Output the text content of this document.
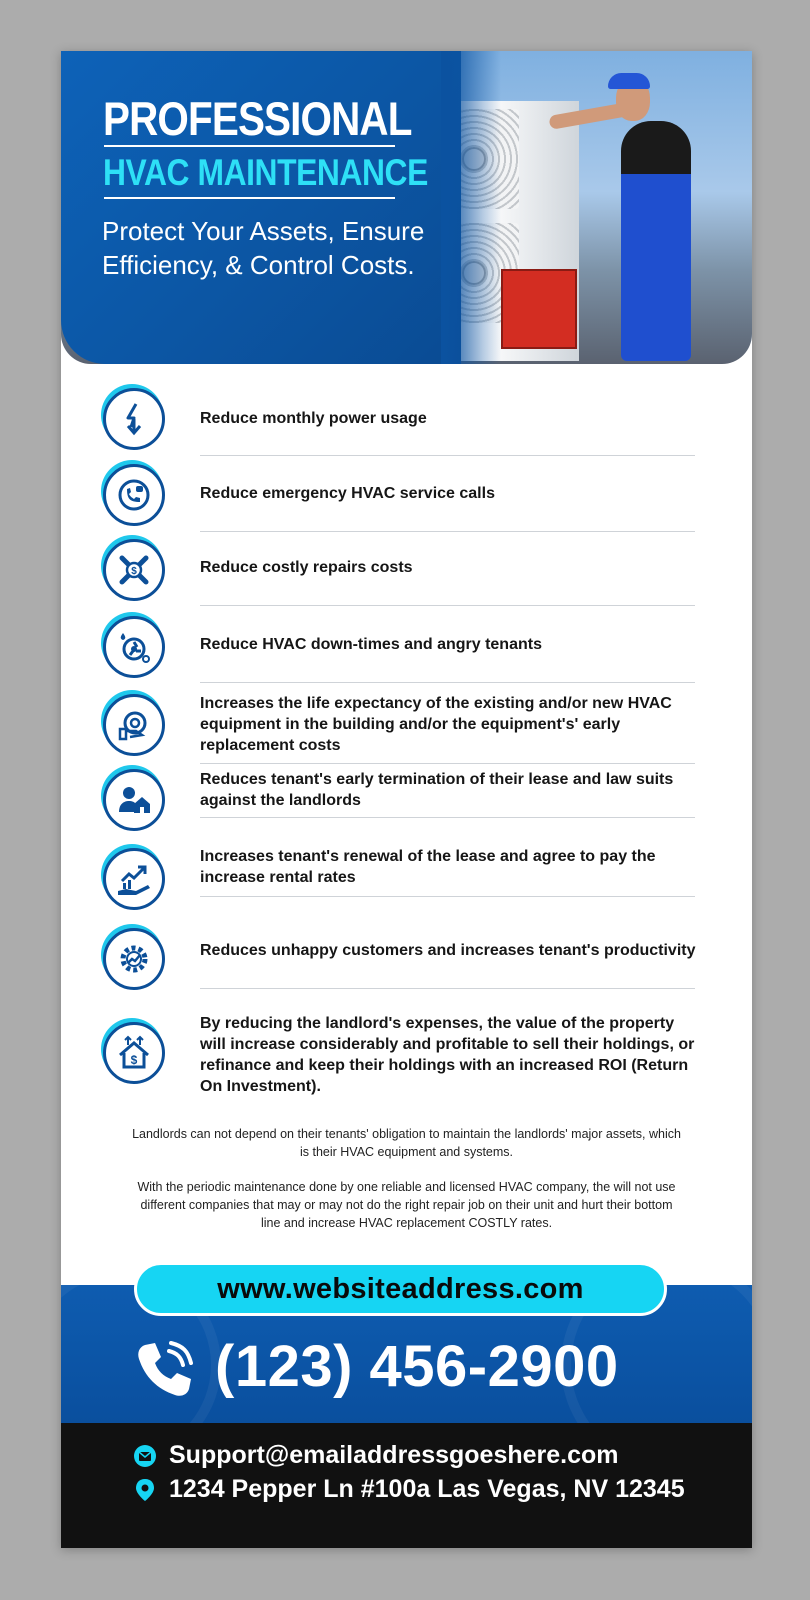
PROFESSIONAL
HVAC MAINTENANCE
Protect Your Assets, Ensure Efficiency, & Control Costs.
Reduce monthly power usage
Reduce emergency HVAC service calls
$	Reduce costly repairs costs
Reduce HVAC down-times and angry tenants
Increases the life expectancy of the existing and/or new HVAC equipment in the building and/or the equipment's' early replacement costs
Reduces tenant's early termination of their lease and law suits against the landlords
Increases tenant's renewal of the lease and agree to pay the increase rental rates
Reduces unhappy customers and increases tenant's productivity
$
By reducing the landlord's expenses, the value of the property will increase considerably and profitable to sell their holdings, or refinance and keep their holdings with an increased ROI (Return On Investment).
Landlords can not depend on their tenants' obligation to maintain the landlords' major assets, which is their HVAC equipment and systems.
With the periodic maintenance done by one reliable and licensed HVAC company, the will not use different companies that may or may not do the right repair job on their unit and hurt their bottom line and increase HVAC replacement COSTLY rates.
www.websiteaddress.com
(123) 456-2900
Support@emailaddressgoeshere.com
1234 Pepper Ln #100a Las Vegas, NV 12345
